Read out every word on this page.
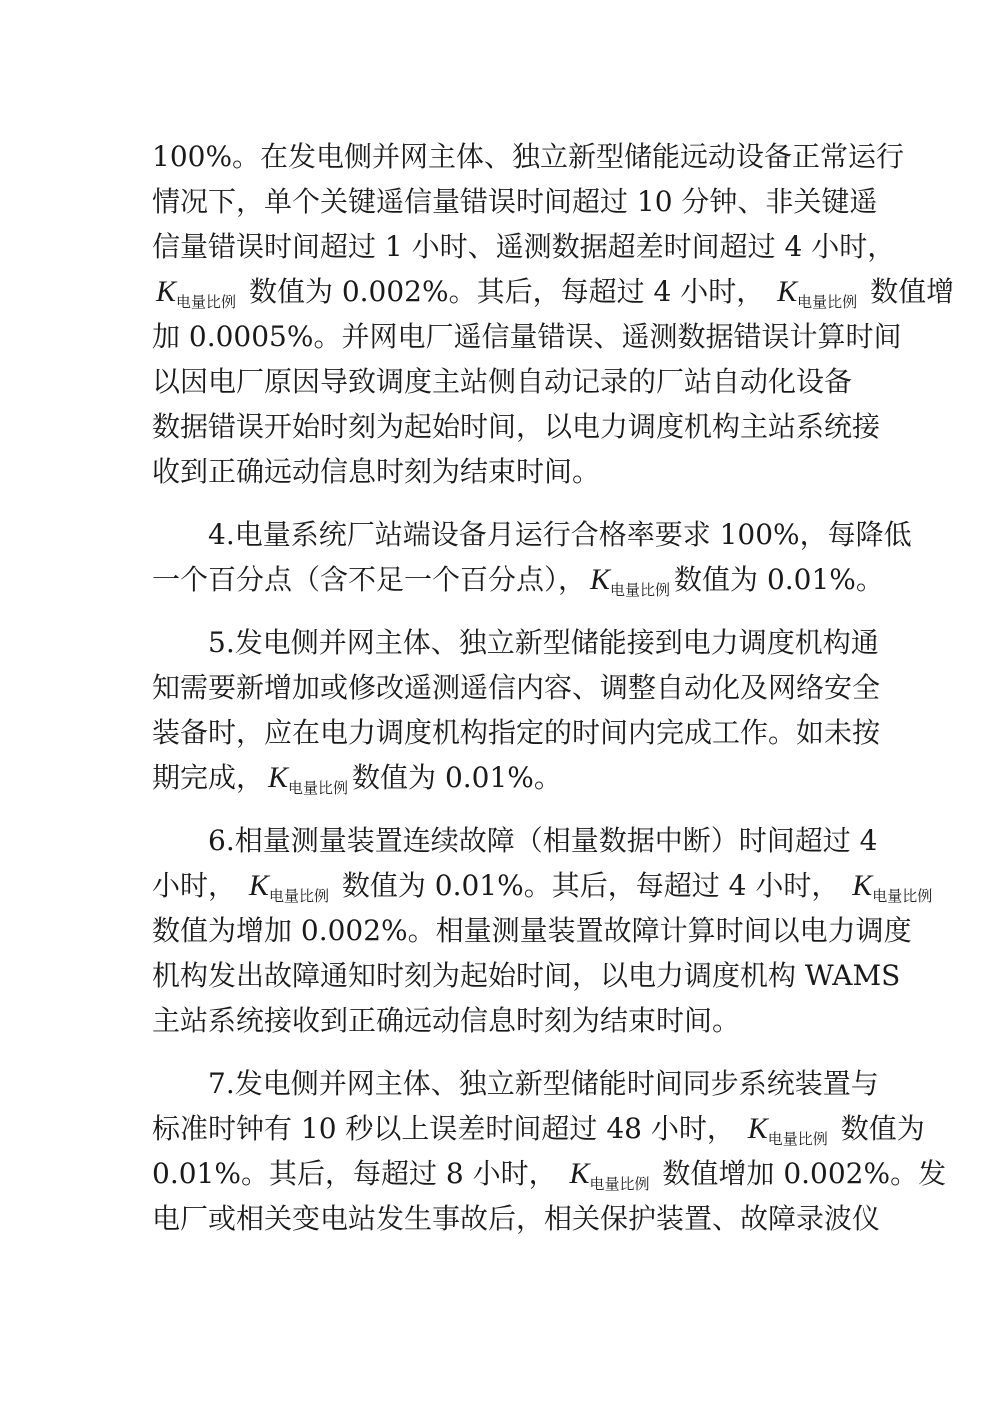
100%。在发电侧并网主体、独立新型储能远动设备正常运行
情况下，单个关键遥信量错误时间超过 10 分钟、非关键遥
信量错误时间超过 1 小时、遥测数据超差时间超过 4 小时，
$K_{电量比例}$ 数值为 0.002%。其后，每超过 4 小时， $K_{电量比例}$ 数值增
加 0.0005%。并网电厂遥信量错误、遥测数据错误计算时间
以因电厂原因导致调度主站侧自动记录的厂站自动化设备
数据错误开始时刻为起始时间，以电力调度机构主站系统接
收到正确远动信息时刻为结束时间。
　　4.电量系统厂站端设备月运行合格率要求 100%，每降低
一个百分点（含不足一个百分点）， $K_{电量比例}$ 数值为 0.01%。
　　5.发电侧并网主体、独立新型储能接到电力调度机构通
知需要新增加或修改遥测遥信内容、调整自动化及网络安全
装备时，应在电力调度机构指定的时间内完成工作。如未按
期完成， $K_{电量比例}$ 数值为 0.01%。
　　6.相量测量装置连续故障（相量数据中断）时间超过 4
小时， $K_{电量比例}$ 数值为 0.01%。其后，每超过 4 小时， $K_{电量比例}$
数值为增加 0.002%。相量测量装置故障计算时间以电力调度
机构发出故障通知时刻为起始时间，以电力调度机构 WAMS
主站系统接收到正确远动信息时刻为结束时间。
　　7.发电侧并网主体、独立新型储能时间同步系统装置与
标准时钟有 10 秒以上误差时间超过 48 小时， $K_{电量比例}$ 数值为
0.01%。其后，每超过 8 小时， $K_{电量比例}$ 数值增加 0.002%。发
电厂或相关变电站发生事故后，相关保护装置、故障录波仪
